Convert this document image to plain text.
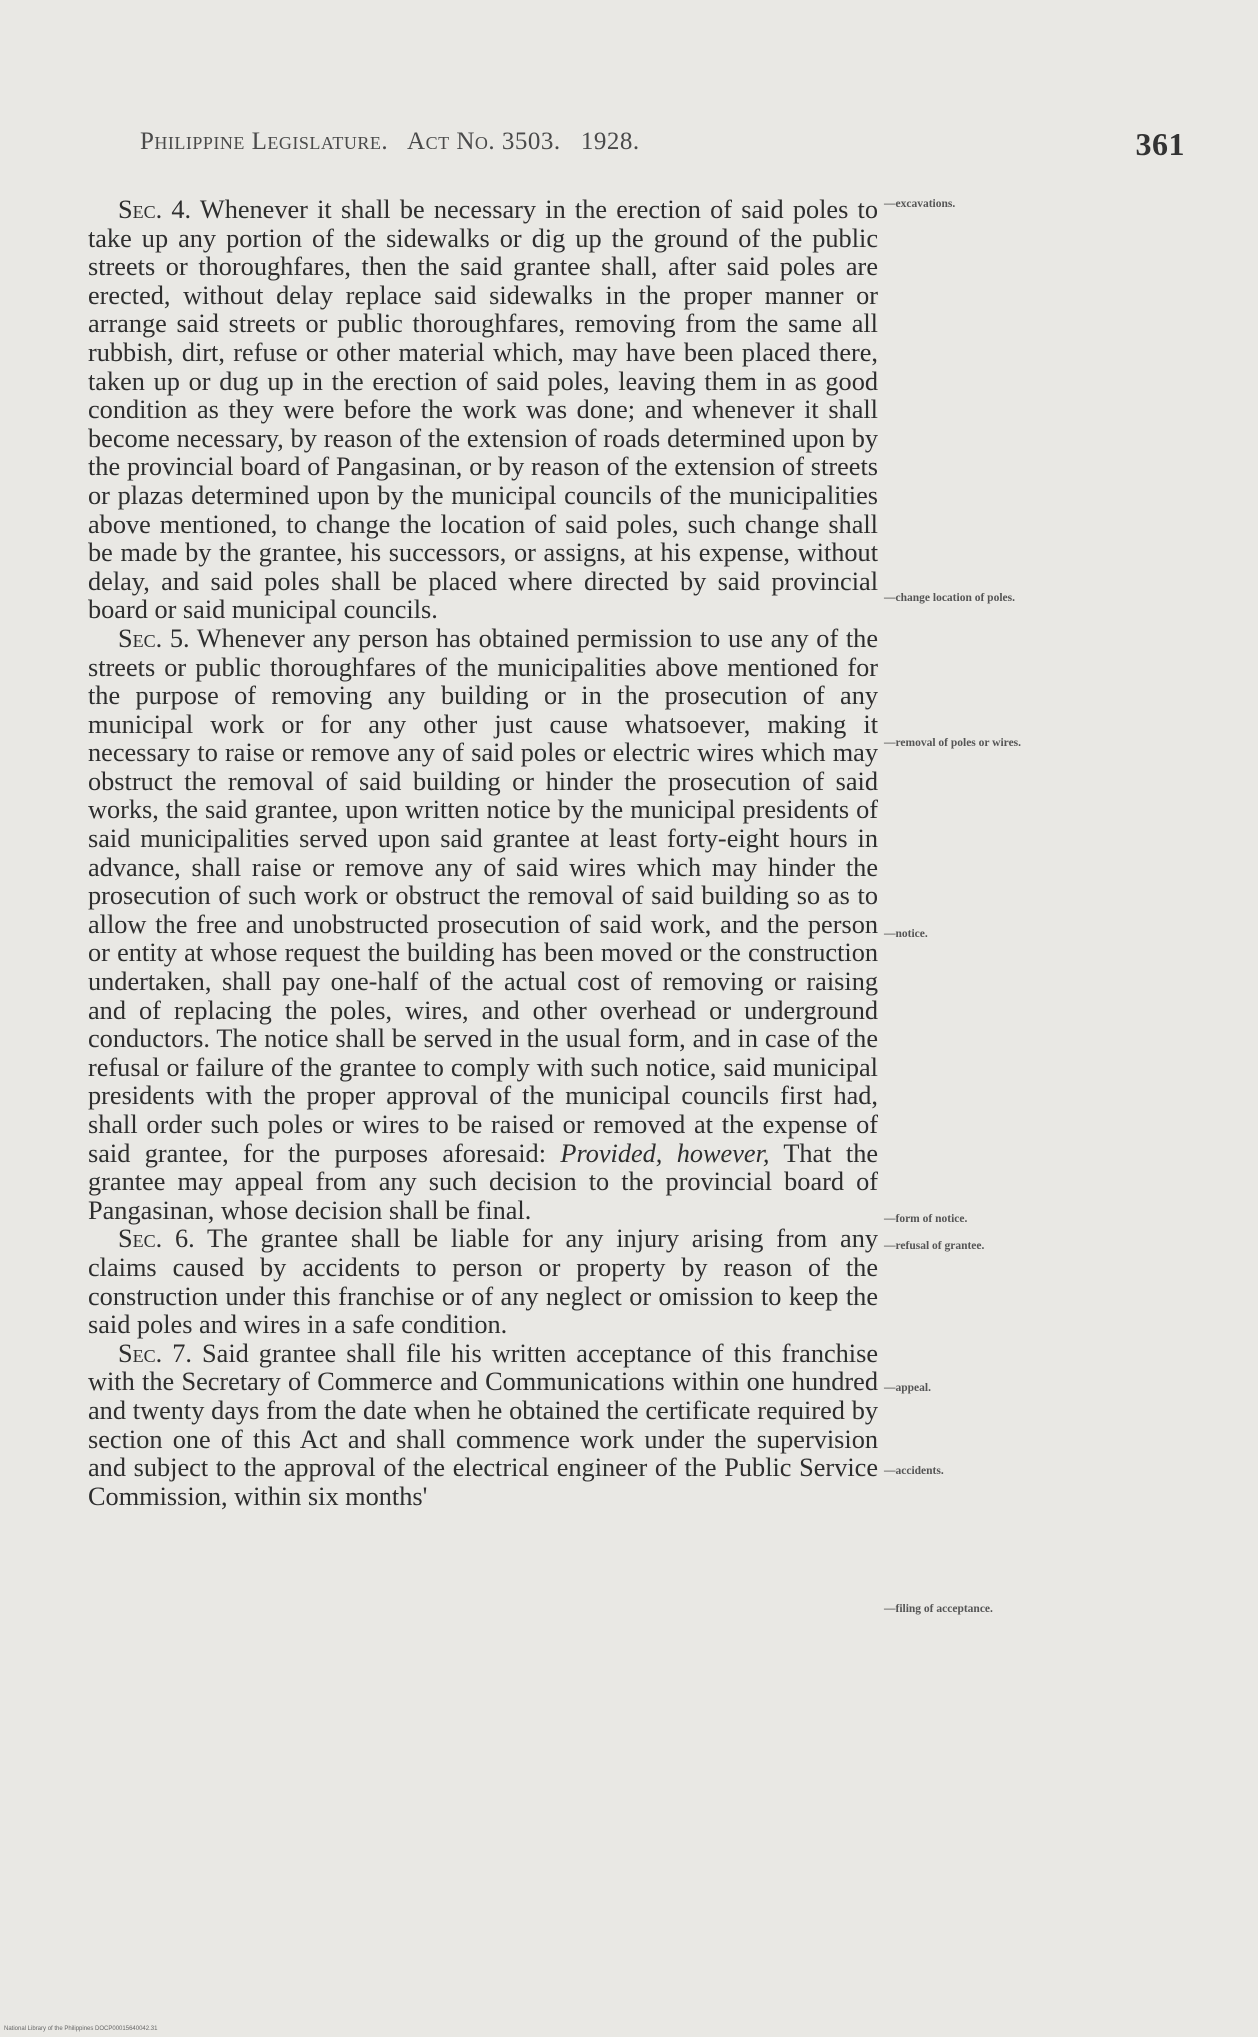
Philippine Legislature.   Act No. 3503.   1928.	361

Sec. 4. Whenever it shall be necessary in the erection of said poles to take up any portion of the sidewalks or dig up the ground of the public streets or thoroughfares, then the said grantee shall, after said poles are erected, without delay replace said sidewalks in the proper manner or arrange said streets or public thoroughfares, removing from the same all rubbish, dirt, refuse or other material which, may have been placed there, taken up or dug up in the erection of said poles, leaving them in as good condition as they were before the work was done; and whenever it shall become necessary, by reason of the extension of roads determined upon by the provincial board of Pangasinan, or by reason of the extension of streets or plazas determined upon by the municipal councils of the municipalities above mentioned, to change the location of said poles, such change shall be made by the grantee, his successors, or assigns, at his expense, without delay, and said poles shall be placed where directed by said provincial board or said municipal councils.

Sec. 5. Whenever any person has obtained permission to use any of the streets or public thoroughfares of the municipalities above mentioned for the purpose of removing any building or in the prosecution of any municipal work or for any other just cause whatsoever, making it necessary to raise or remove any of said poles or electric wires which may obstruct the removal of said building or hinder the prosecution of said works, the said grantee, upon written notice by the municipal presidents of said municipalities served upon said grantee at least forty-eight hours in advance, shall raise or remove any of said wires which may hinder the prosecution of such work or obstruct the removal of said building so as to allow the free and unobstructed prosecution of said work, and the person or entity at whose request the building has been moved or the construction undertaken, shall pay one-half of the actual cost of removing or raising and of replacing the poles, wires, and other overhead or underground conductors. The notice shall be served in the usual form, and in case of the refusal or failure of the grantee to comply with such notice, said municipal presidents with the proper approval of the municipal councils first had, shall order such poles or wires to be raised or removed at the expense of said grantee, for the purposes aforesaid: Provided, however, That the grantee may appeal from any such decision to the provincial board of Pangasinan, whose decision shall be final.

Sec. 6. The grantee shall be liable for any injury arising from any claims caused by accidents to person or property by reason of the construction under this franchise or of any neglect or omission to keep the said poles and wires in a safe condition.

Sec. 7. Said grantee shall file his written acceptance of this franchise with the Secretary of Commerce and Communications within one hundred and twenty days from the date when he obtained the certificate required by section one of this Act and shall commence work under the supervision and subject to the approval of the electrical engineer of the Public Service Commission, within six months'

—excavations.
—change location of poles.
—removal of poles or wires.
—notice.
—form of notice.
—refusal of grantee.
—appeal.
—accidents.
—filing of acceptance.
National Library of the Philippines DOCP00015640042.31
